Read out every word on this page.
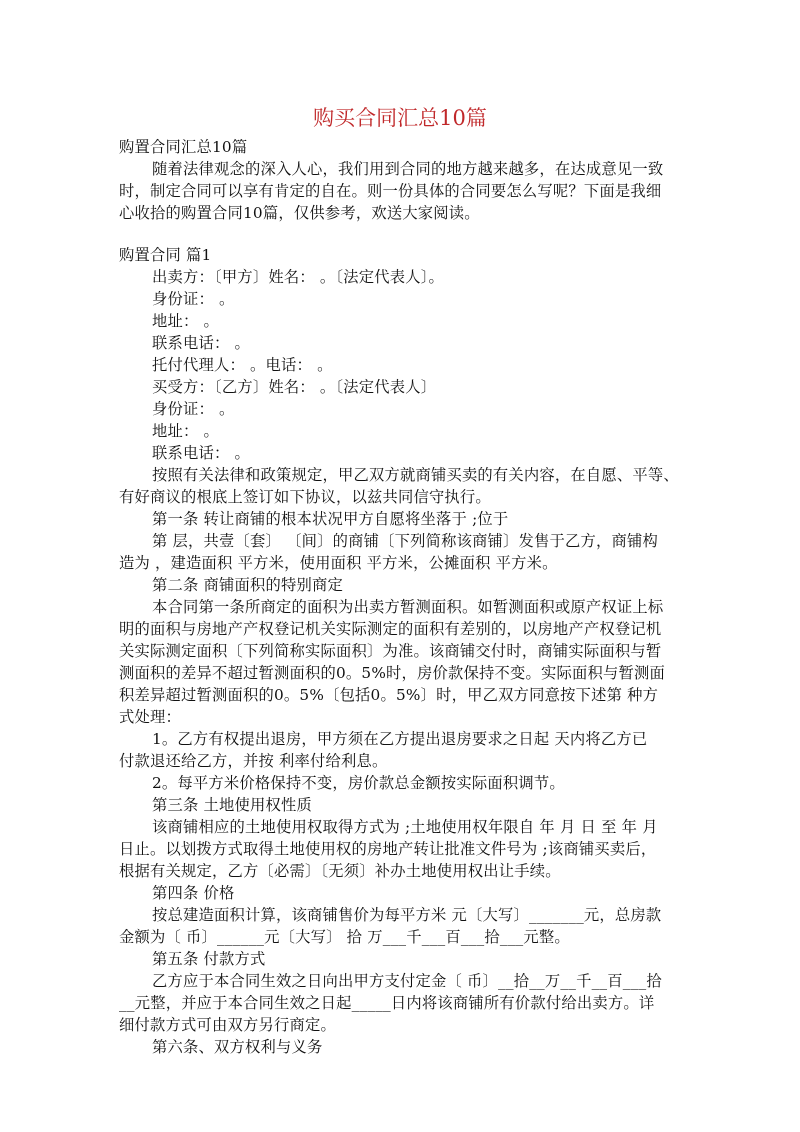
购买合同汇总10篇
购置合同汇总10篇
随着法律观念的深入人心，我们用到合同的地方越来越多，在达成意见一致
时，制定合同可以享有肯定的自在。则一份具体的合同要怎么写呢？下面是我细
心收拾的购置合同10篇，仅供参考，欢送大家阅读。
购置合同 篇1
出卖方：〔甲方〕姓名： 。〔法定代表人〕。
身份证： 。
地址： 。
联系电话： 。
托付代理人： 。电话： 。
买受方：〔乙方〕姓名： 。〔法定代表人〕
身份证： 。
地址： 。
联系电话： 。
按照有关法律和政策规定，甲乙双方就商铺买卖的有关内容，在自愿、平等、
有好商议的根底上签订如下协议，以兹共同信守执行。
第一条 转让商铺的根本状况甲方自愿将坐落于 ;位于
第 层，共壹〔套〕 〔间〕的商铺〔下列简称该商铺〕发售于乙方，商铺构
造为 ，建造面积 平方米，使用面积 平方米，公摊面积 平方米。
第二条 商铺面积的特别商定
本合同第一条所商定的面积为出卖方暂测面积。如暂测面积或原产权证上标
明的面积与房地产产权登记机关实际测定的面积有差别的，以房地产产权登记机
关实际测定面积〔下列简称实际面积〕为准。该商铺交付时，商铺实际面积与暂
测面积的差异不超过暂测面积的0。5%时，房价款保持不变。实际面积与暂测面
积差异超过暂测面积的0。5%〔包括0。5%〕时，甲乙双方同意按下述第 种方
式处理：
1。乙方有权提出退房，甲方须在乙方提出退房要求之日起 天内将乙方已
付款退还给乙方，并按 利率付给利息。
2。每平方米价格保持不变，房价款总金额按实际面积调节。
第三条 土地使用权性质
该商铺相应的土地使用权取得方式为 ;土地使用权年限自 年 月 日 至 年 月
日止。以划拨方式取得土地使用权的房地产转让批准文件号为 ;该商铺买卖后，
根据有关规定，乙方〔必需〕〔无须〕补办土地使用权出让手续。
第四条 价格
按总建造面积计算，该商铺售价为每平方米 元〔大写〕_______元，总房款
金额为〔 币〕______元〔大写〕 拾 万___千___百___拾___元整。
第五条 付款方式
乙方应于本合同生效之日向出甲方支付定金〔 币〕__拾__万__千__百___拾
__元整，并应于本合同生效之日起_____日内将该商铺所有价款付给出卖方。详
细付款方式可由双方另行商定。
第六条、双方权利与义务
